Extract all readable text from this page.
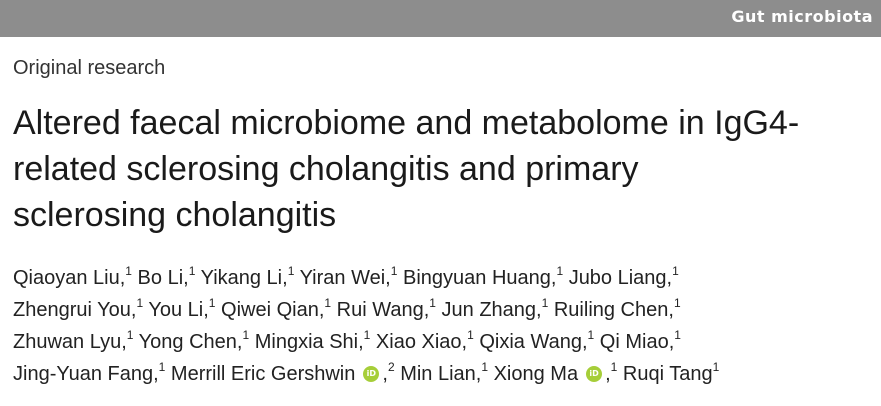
Gut microbiota
Original research
Altered faecal microbiome and metabolome in IgG4-
related sclerosing cholangitis and primary
sclerosing cholangitis
Qiaoyan Liu,$^1$ Bo Li,$^1$ Yikang Li,$^1$ Yiran Wei,$^1$ Bingyuan Huang,$^1$ Jubo Liang,$^1$
Zhengrui You,$^1$ You Li,$^1$ Qiwei Qian,$^1$ Rui Wang,$^1$ Jun Zhang,$^1$ Ruiling Chen,$^1$
Zhuwan Lyu,$^1$ Yong Chen,$^1$ Mingxia Shi,$^1$ Xiao Xiao,$^1$ Qixia Wang,$^1$ Qi Miao,$^1$
Jing-Yuan Fang,$^1$ Merrill Eric Gershwin iD ,$^2$ Min Lian,$^1$ Xiong Ma iD ,$^1$ Ruqi Tang$^1$
